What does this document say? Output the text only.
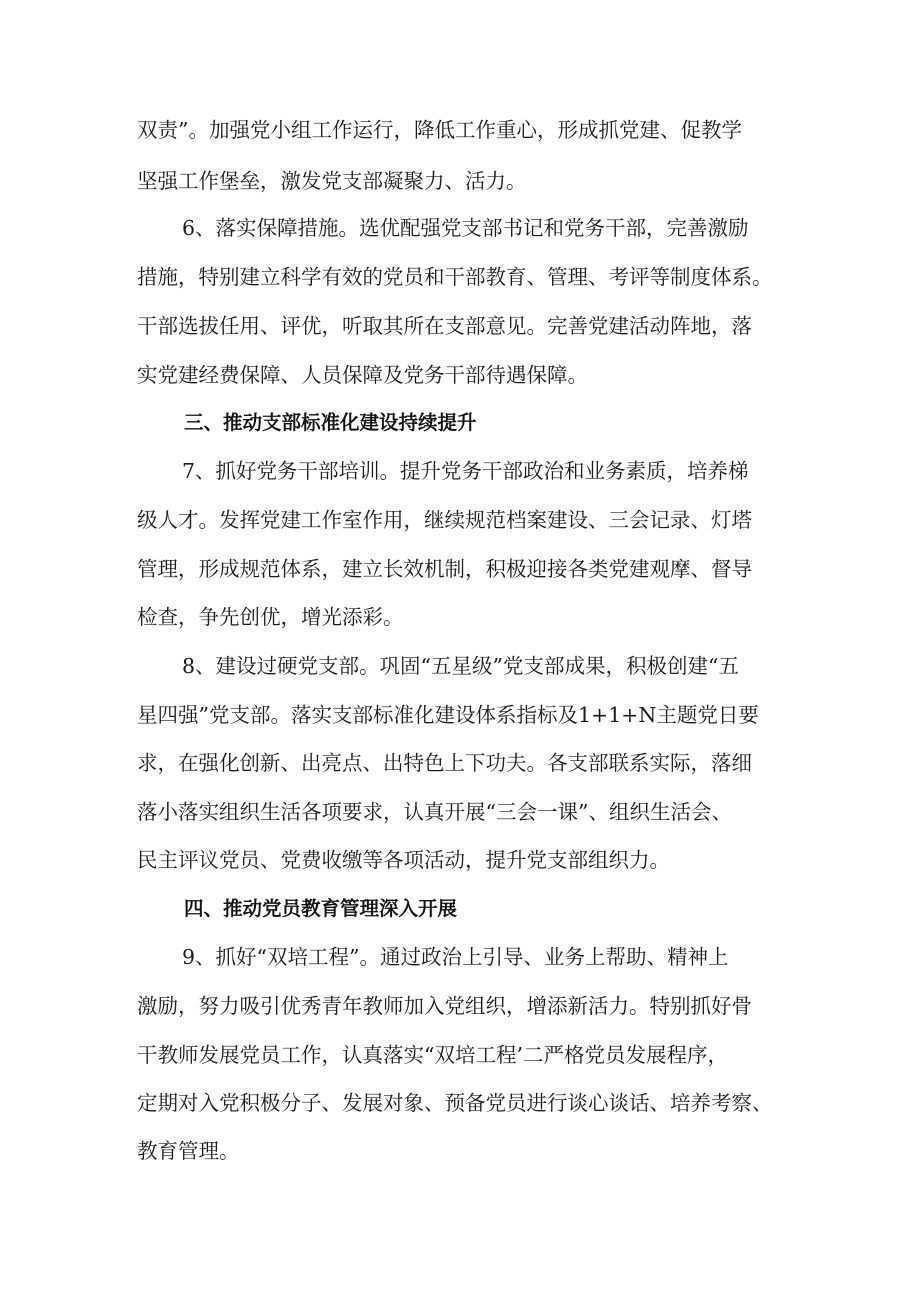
双责”。加强党小组工作运行，降低工作重心，形成抓党建、促教学
坚强工作堡垒，激发党支部凝聚力、活力。
6、落实保障措施。选优配强党支部书记和党务干部，完善激励
措施，特别建立科学有效的党员和干部教育、管理、考评等制度体系。
干部选拔任用、评优，听取其所在支部意见。完善党建活动阵地，落
实党建经费保障、人员保障及党务干部待遇保障。
三、推动支部标准化建设持续提升
7、抓好党务干部培训。提升党务干部政治和业务素质，培养梯
级人才。发挥党建工作室作用，继续规范档案建设、三会记录、灯塔
管理，形成规范体系，建立长效机制，积极迎接各类党建观摩、督导
检查，争先创优，增光添彩。
8、建设过硬党支部。巩固“五星级”党支部成果，积极创建“五
星四强”党支部。落实支部标准化建设体系指标及1+1+N主题党日要
求，在强化创新、出亮点、出特色上下功夫。各支部联系实际，落细
落小落实组织生活各项要求，认真开展“三会一课”、组织生活会、
民主评议党员、党费收缴等各项活动，提升党支部组织力。
四、推动党员教育管理深入开展
9、抓好“双培工程”。通过政治上引导、业务上帮助、精神上
激励，努力吸引优秀青年教师加入党组织，增添新活力。特别抓好骨
干教师发展党员工作，认真落实“双培工程’二严格党员发展程序，
定期对入党积极分子、发展对象、预备党员进行谈心谈话、培养考察、
教育管理。
